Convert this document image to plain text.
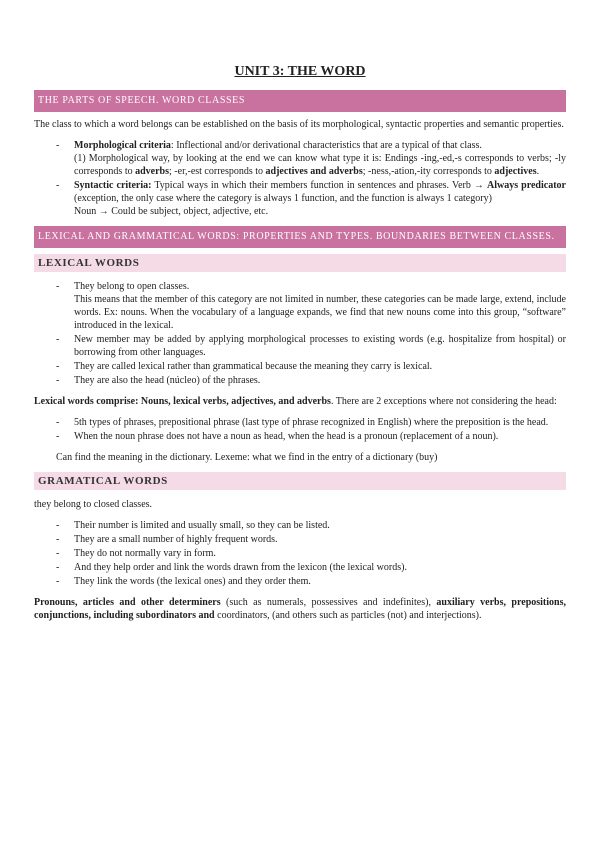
UNIT 3: THE WORD
THE PARTS OF SPEECH. WORD CLASSES

The class to which a word belongs can be established on the basis of its morphological, syntactic properties and semantic properties.

- Morphological criteria: Inflectional and/or derivational characteristics that are a typical of that class.
(1) Morphological way, by looking at the end we can know what type it is: Endings -ing,-ed,-s corresponds to verbs; -ly corresponds to adverbs; -er,-est corresponds to adjectives and adverbs; -ness,-ation,-ity corresponds to adjectives.
- Syntactic criteria: Typical ways in which their members function in sentences and phrases. Verb → Always predicator (exception, the only case where the category is always 1 function, and the function is always 1 category)
Noun → Could be subject, object, adjective, etc.
LEXICAL AND GRAMMATICAL WORDS: PROPERTIES AND TYPES. BOUNDARIES BETWEEN CLASSES.
LEXICAL WORDS
- They belong to open classes.
This means that the member of this category are not limited in number, these categories can be made large, extend, include words. Ex: nouns. When the vocabulary of a language expands, we find that new nouns come into this group, “software” introduced in the lexical.
- New member may be added by applying morphological processes to existing words (e.g. hospitalize from hospital) or borrowing from other languages.
- They are called lexical rather than grammatical because the meaning they carry is lexical.
- They are also the head (núcleo) of the phrases.

Lexical words comprise: Nouns, lexical verbs, adjectives, and adverbs. There are 2 exceptions where not considering the head:

- 5th types of phrases, prepositional phrase (last type of phrase recognized in English) where the preposition is the head.
- When the noun phrase does not have a noun as head, when the head is a pronoun (replacement of a noun).

Can find the meaning in the dictionary. Lexeme: what we find in the entry of a dictionary (buy)

GRAMATICAL WORDS

they belong to closed classes.

- Their number is limited and usually small, so they can be listed.
- They are a small number of highly frequent words.
- They do not normally vary in form.
- And they help order and link the words drawn from the lexicon (the lexical words).
- They link the words (the lexical ones) and they order them.

Pronouns, articles and other determiners (such as numerals, possessives and indefinites), auxiliary verbs, prepositions, conjunctions, including subordinators and coordinators, (and others such as particles (not) and interjections).
